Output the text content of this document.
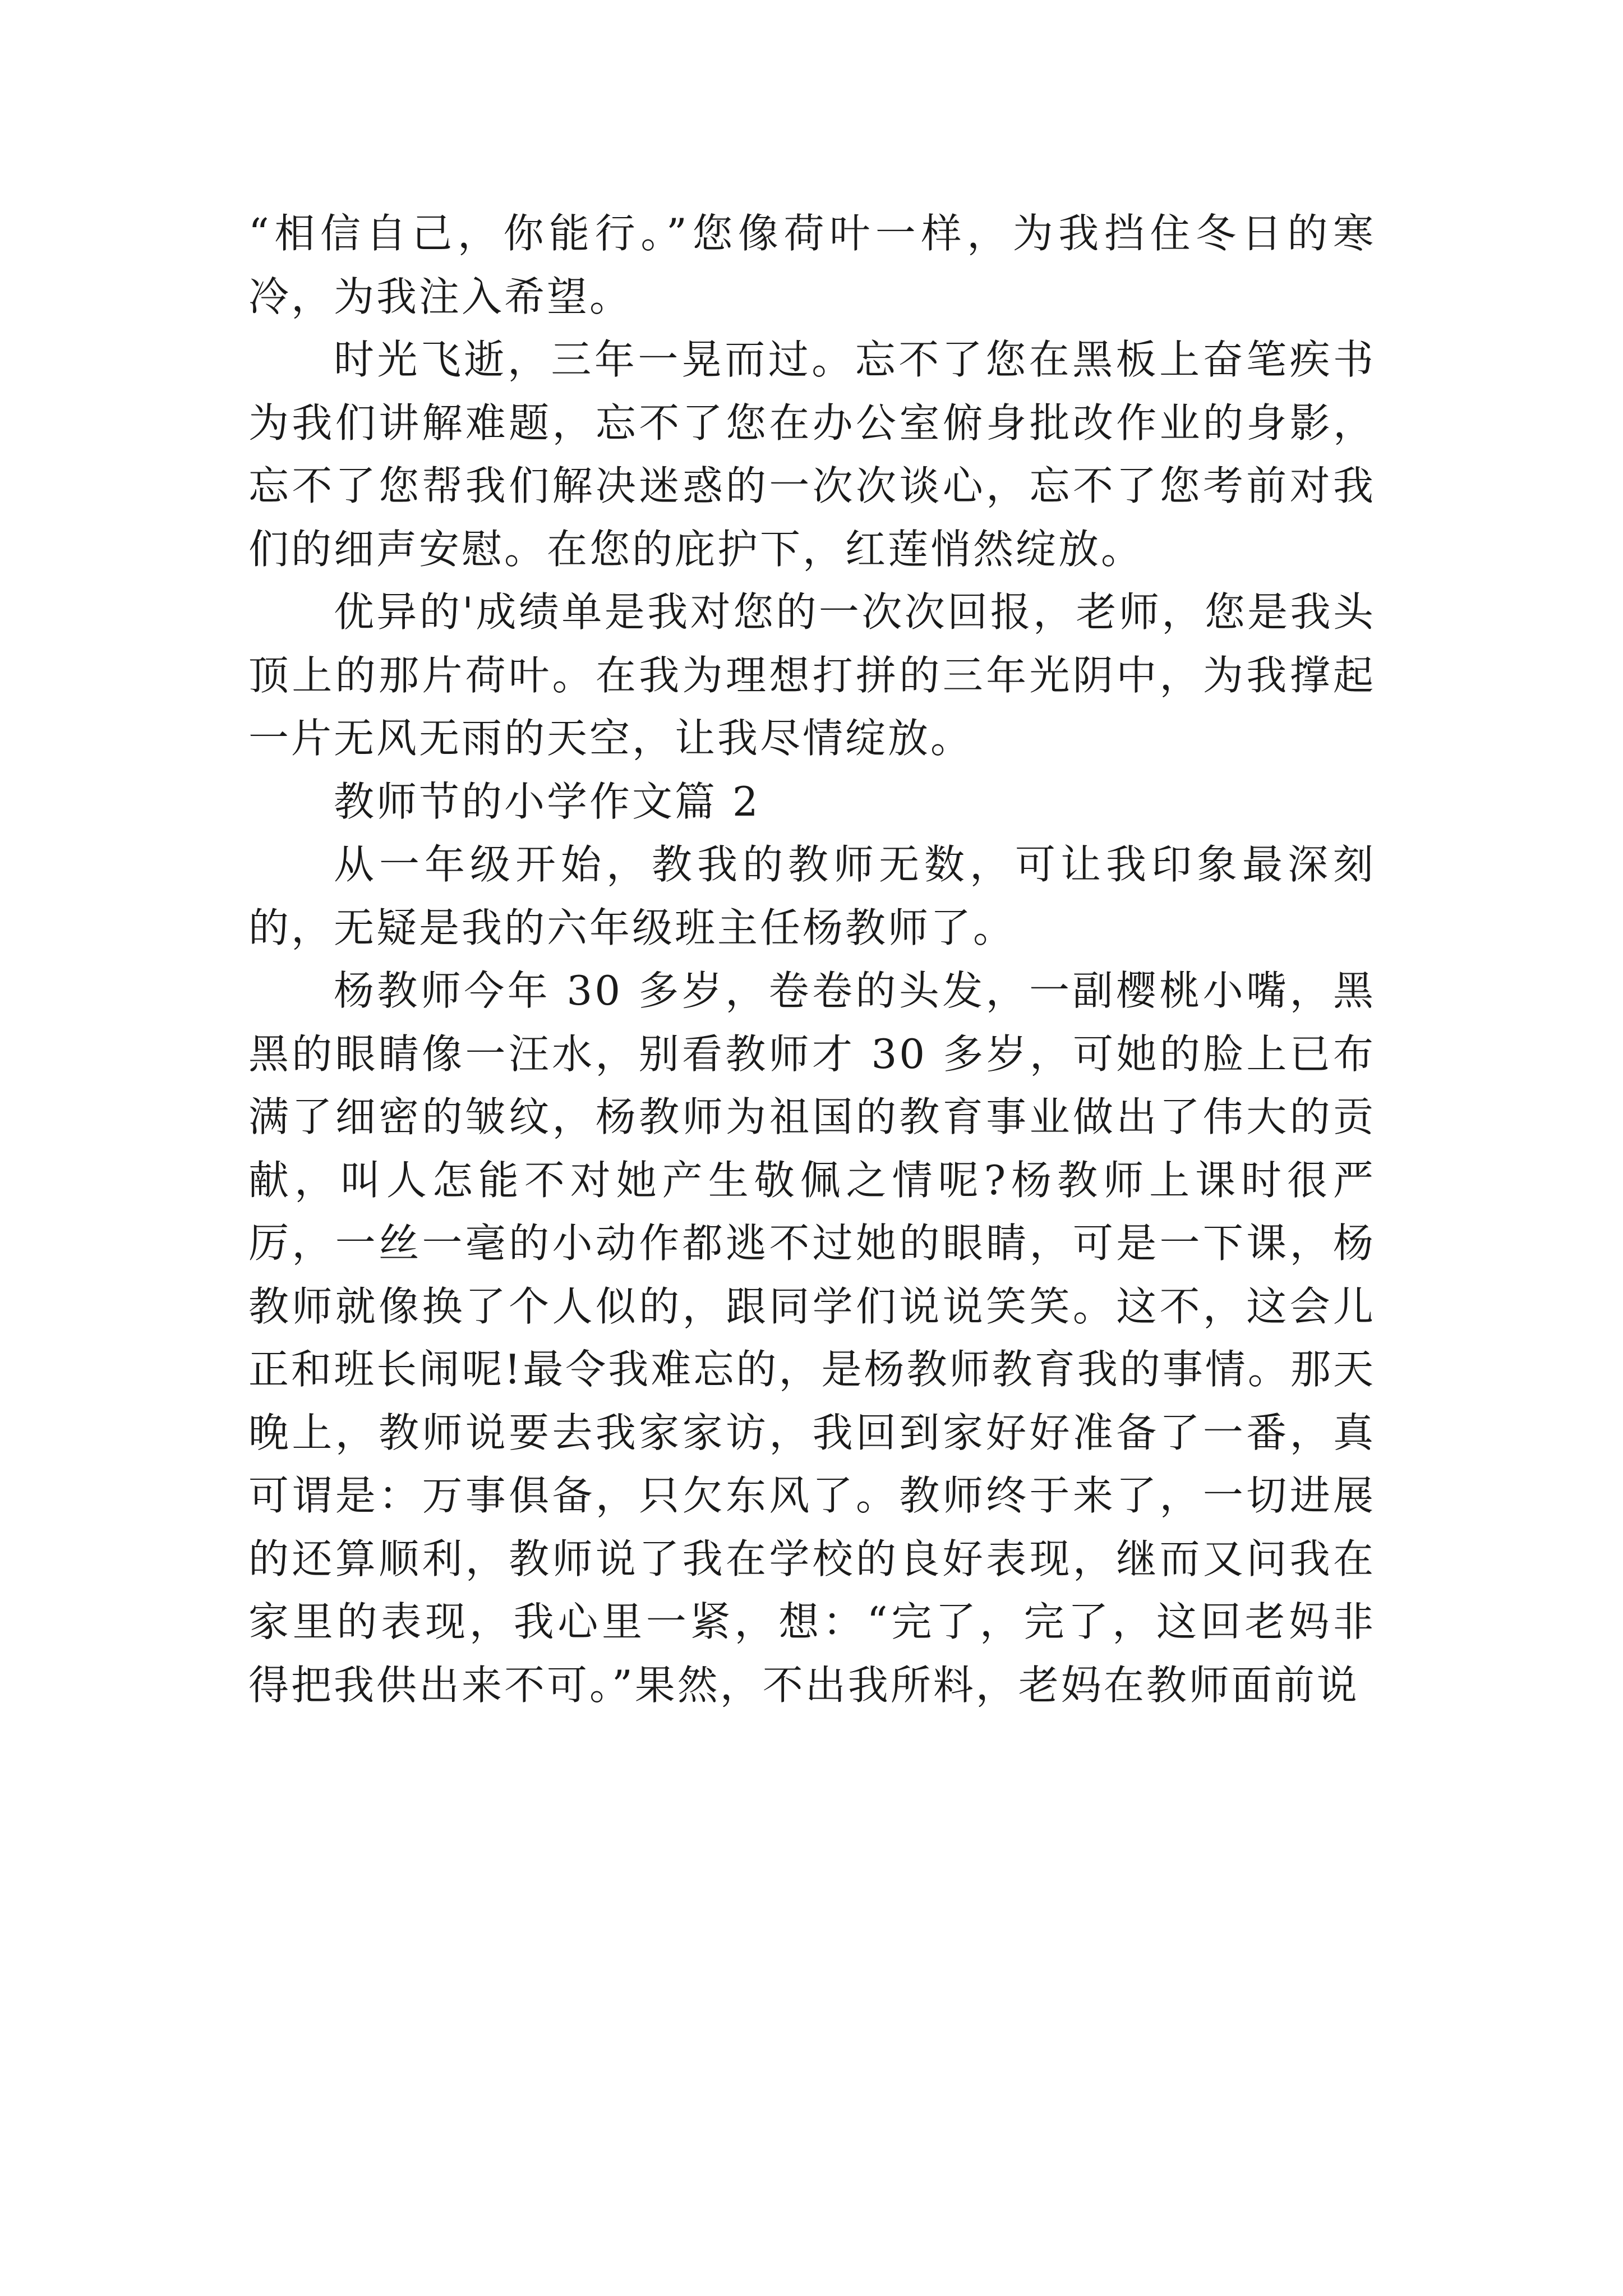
“相信自己，你能行。”您像荷叶一样，为我挡住冬日的寒冷，为我注入希望。

时光飞逝，三年一晃而过。忘不了您在黑板上奋笔疾书为我们讲解难题，忘不了您在办公室俯身批改作业的身影，忘不了您帮我们解决迷惑的一次次谈心，忘不了您考前对我们的细声安慰。在您的庇护下，红莲悄然绽放。

优异的'成绩单是我对您的一次次回报，老师，您是我头顶上的那片荷叶。在我为理想打拼的三年光阴中，为我撑起一片无风无雨的天空，让我尽情绽放。

教师节的小学作文篇 2

从一年级开始，教我的教师无数，可让我印象最深刻的，无疑是我的六年级班主任杨教师了。

杨教师今年 30 多岁，卷卷的头发，一副樱桃小嘴，黑黑的眼睛像一汪水，别看教师才 30 多岁，可她的脸上已布满了细密的皱纹，杨教师为祖国的教育事业做出了伟大的贡献，叫人怎能不对她产生敬佩之情呢?杨教师上课时很严厉，一丝一毫的小动作都逃不过她的眼睛，可是一下课，杨教师就像换了个人似的，跟同学们说说笑笑。这不，这会儿正和班长闹呢!最令我难忘的，是杨教师教育我的事情。那天晚上，教师说要去我家家访，我回到家好好准备了一番，真可谓是：万事俱备，只欠东风了。教师终于来了，一切进展的还算顺利，教师说了我在学校的良好表现，继而又问我在家里的表现，我心里一紧，想：“完了，完了，这回老妈非得把我供出来不可。”果然，不出我所料，老妈在教师面前说
